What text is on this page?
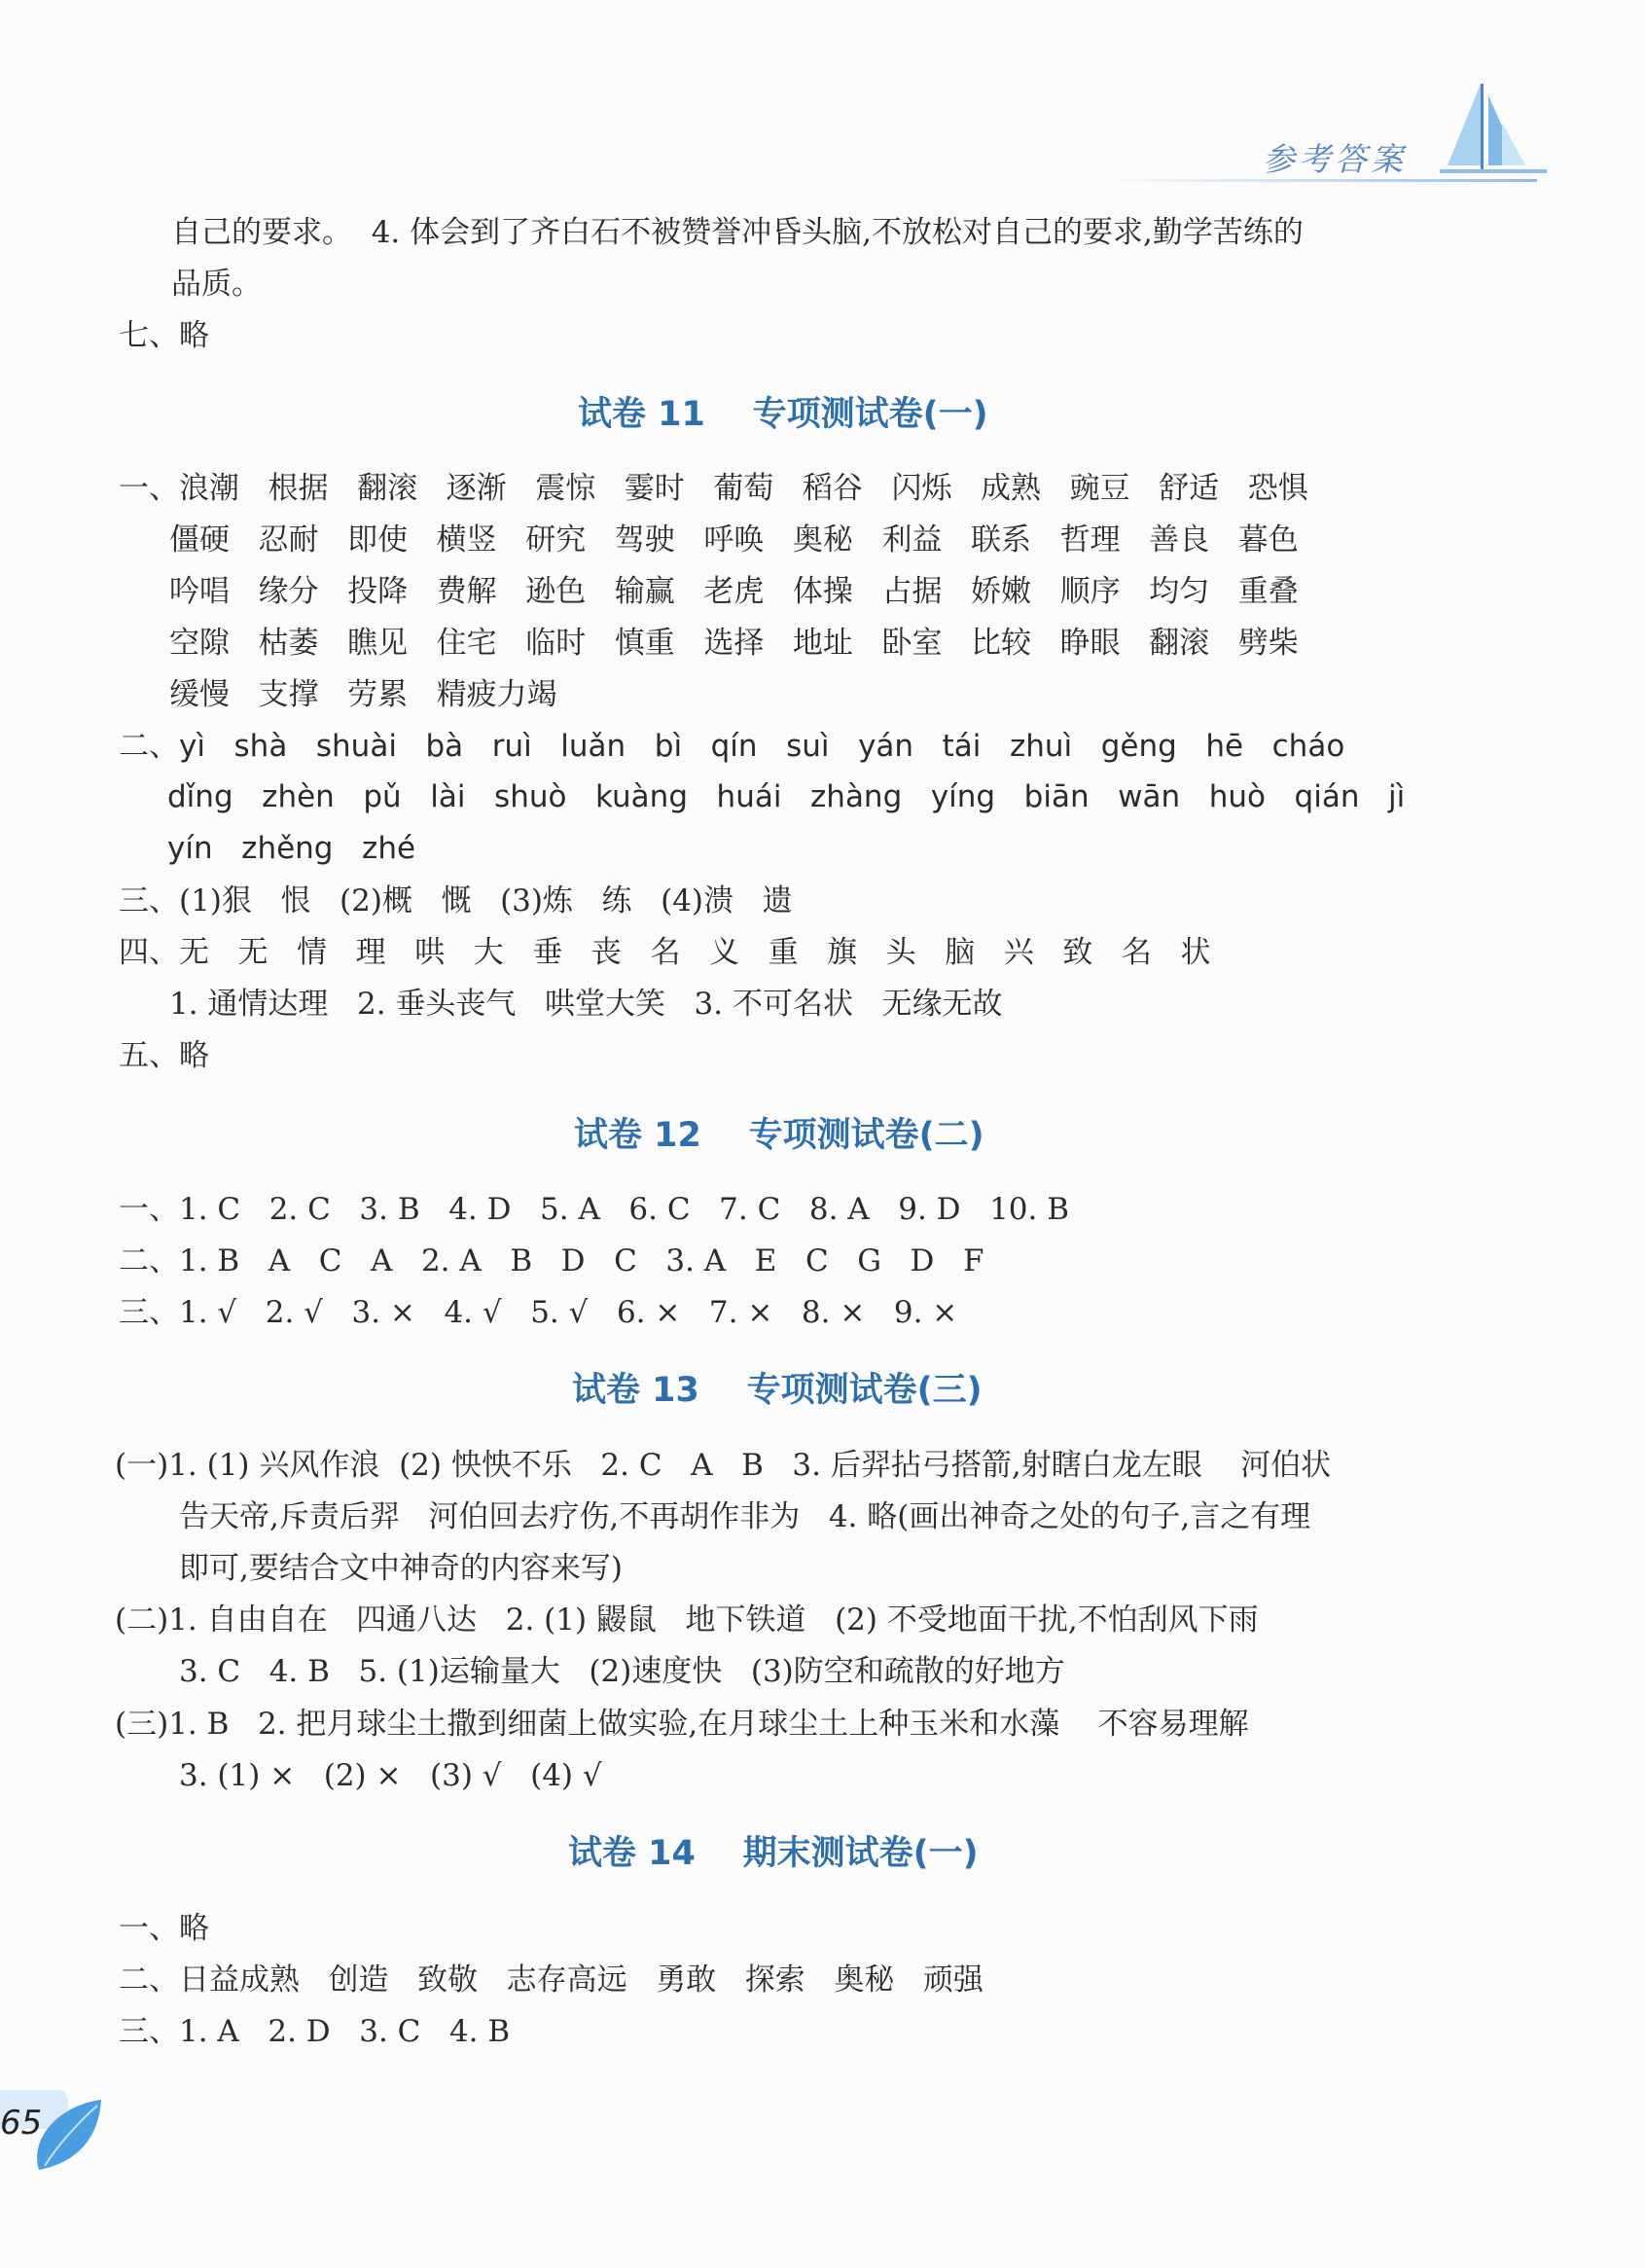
参考答案
自己的要求。  4. 体会到了齐白石不被赞誉冲昏头脑,不放松对自己的要求,勤学苦练的
品质。
七、略
试卷 11    专项测试卷(一)
一、浪潮   根据   翻滚   逐渐   震惊   霎时   葡萄   稻谷   闪烁   成熟   豌豆   舒适   恐惧
僵硬   忍耐   即使   横竖   研究   驾驶   呼唤   奥秘   利益   联系   哲理   善良   暮色
吟唱   缘分   投降   费解   逊色   输赢   老虎   体操   占据   娇嫩   顺序   均匀   重叠
空隙   枯萎   瞧见   住宅   临时   慎重   选择   地址   卧室   比较   睁眼   翻滚   劈柴
缓慢   支撑   劳累   精疲力竭
二、yì   shà   shuài   bà   ruì   luǎn   bì   qín   suì   yán   tái   zhuì   gěng   hē   cháo
dǐng   zhèn   pǔ   lài   shuò   kuàng   huái   zhàng   yíng   biān   wān   huò   qián   jì
yín   zhěng   zhé
三、(1)狠   恨   (2)概   慨   (3)炼   练   (4)溃   遗
四、无   无   情   理   哄   大   垂   丧   名   义   重   旗   头   脑   兴   致   名   状
1. 通情达理   2. 垂头丧气   哄堂大笑   3. 不可名状   无缘无故
五、略
试卷 12    专项测试卷(二)
一、1. C   2. C   3. B   4. D   5. A   6. C   7. C   8. A   9. D   10. B
二、1. B   A   C   A   2. A   B   D   C   3. A   E   C   G   D   F
三、1. √   2. √   3. ×   4. √   5. √   6. ×   7. ×   8. ×   9. ×
试卷 13    专项测试卷(三)
(一)1. (1) 兴风作浪  (2) 怏怏不乐   2. C   A   B   3. 后羿拈弓搭箭,射瞎白龙左眼    河伯状
告天帝,斥责后羿   河伯回去疗伤,不再胡作非为   4. 略(画出神奇之处的句子,言之有理
即可,要结合文中神奇的内容来写)
(二)1. 自由自在   四通八达   2. (1) 鼹鼠   地下铁道   (2) 不受地面干扰,不怕刮风下雨
3. C   4. B   5. (1)运输量大   (2)速度快   (3)防空和疏散的好地方
(三)1. B   2. 把月球尘土撒到细菌上做实验,在月球尘土上种玉米和水藻    不容易理解
3. (1) ×   (2) ×   (3) √   (4) √
试卷 14    期末测试卷(一)
一、略
二、日益成熟   创造   致敬   志存高远   勇敢   探索   奥秘   顽强
三、1. A   2. D   3. C   4. B
65
